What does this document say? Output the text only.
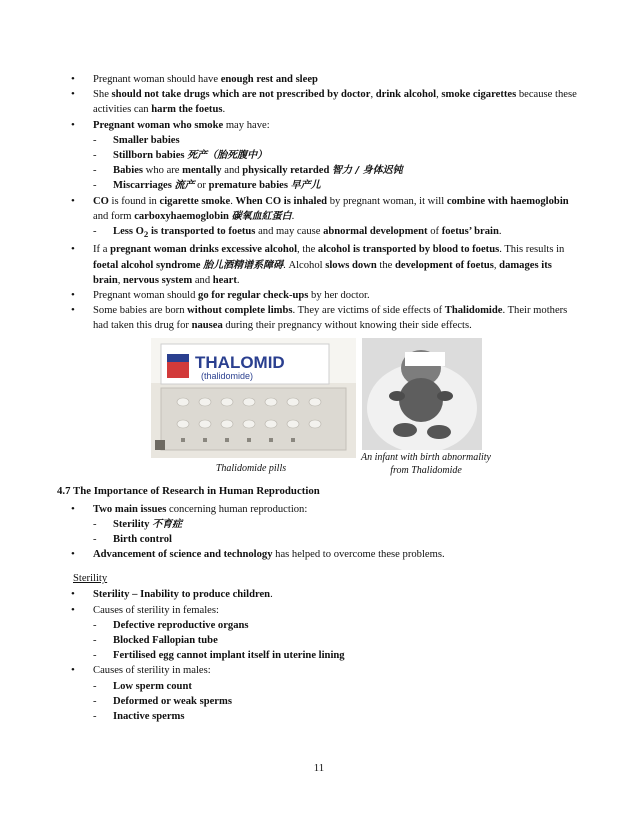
• Pregnant woman should have enough rest and sleep
• She should not take drugs which are not prescribed by doctor, drink alcohol, smoke cigarettes because these activities can harm the foetus.
• Pregnant woman who smoke may have:
- Smaller babies
- Stillborn babies 死产（胎死腹中）
- Babies who are mentally and physically retarded 智力 / 身体迟钝
- Miscarriages 流产 or premature babies 早产儿
• CO is found in cigarette smoke. When CO is inhaled by pregnant woman, it will combine with haemoglobin and form carboxyhaemoglobin 碳氧血紅蛋白.
- Less $O_2$ is transported to foetus and may cause abnormal development of foetus’ brain.
• If a pregnant woman drinks excessive alcohol, the alcohol is transported by blood to foetus. This results in foetal alcohol syndrome 胎儿酒精谱系障碍. Alcohol slows down the development of foetus, damages its brain, nervous system and heart.
• Pregnant woman should go for regular check-ups by her doctor.
• Some babies are born without complete limbs. They are victims of side effects of Thalidomide. Their mothers had taken this drug for nausea during their pregnancy without knowing their side effects.
THALOMID
(thalidomide)
An infant with birth abnormality
from Thalidomide
Thalidomide pills
4.7 The Importance of Research in Human Reproduction
• Two main issues concerning human reproduction:
- Sterility 不育症
- Birth control
• Advancement of science and technology has helped to overcome these problems.
Sterility
• Sterility – Inability to produce children.
• Causes of sterility in females:
- Defective reproductive organs
- Blocked Fallopian tube
- Fertilised egg cannot implant itself in uterine lining
• Causes of sterility in males:
- Low sperm count
- Deformed or weak sperms
- Inactive sperms
11
